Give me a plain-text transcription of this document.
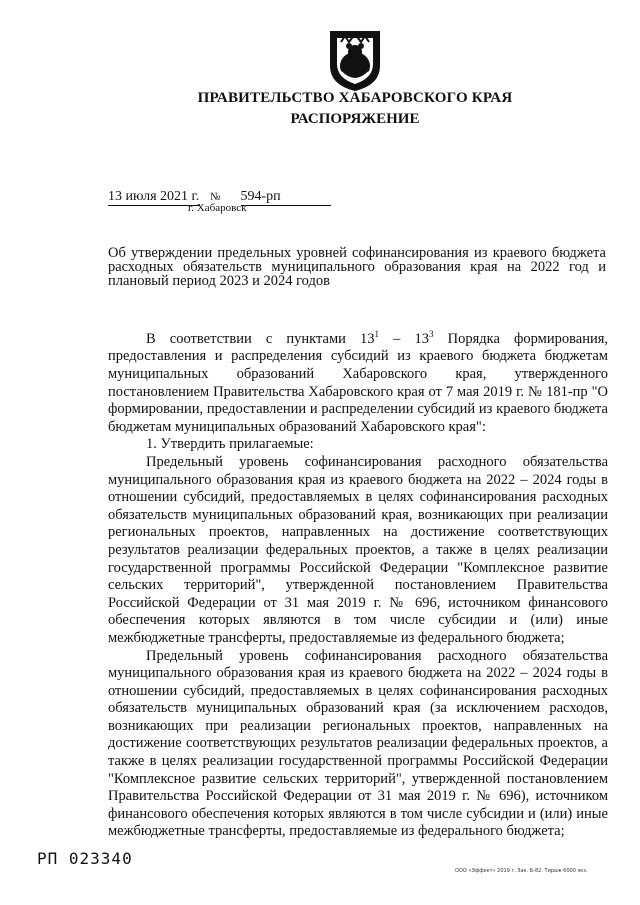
ПРАВИТЕЛЬСТВО ХАБАРОВСКОГО КРАЯ
РАСПОРЯЖЕНИЕ
13 июля 2021 г. № 594-рп
г. Хабаровск
Об утверждении предельных уровней софинансирования из краевого бюджета расходных обязательств муниципального образования края на 2022 год и плановый период 2023 и 2024 годов

В соответствии с пунктами $13^1 - 13^3$ Порядка формирования, предоставления и распределения субсидий из краевого бюджета бюджетам муниципальных образований Хабаровского края, утвержденного постановлением Правительства Хабаровского края от 7 мая 2019 г. № 181-пр "О формировании, предоставлении и распределении субсидий из краевого бюджета бюджетам муниципальных образований Хабаровского края":

1. Утвердить прилагаемые:

Предельный уровень софинансирования расходного обязательства муниципального образования края из краевого бюджета на 2022 – 2024 годы в отношении субсидий, предоставляемых в целях софинансирования расходных обязательств муниципальных образований края, возникающих при реализации региональных проектов, направленных на достижение соответствующих результатов реализации федеральных проектов, а также в целях реализации государственной программы Российской Федерации "Комплексное развитие сельских территорий", утвержденной постановлением Правительства Российской Федерации от 31 мая 2019 г. № 696, источником финансового обеспечения которых являются в том числе субсидии и (или) иные межбюджетные трансферты, предоставляемые из федерального бюджета;

Предельный уровень софинансирования расходного обязательства муниципального образования края из краевого бюджета на 2022 – 2024 годы в отношении субсидий, предоставляемых в целях софинансирования расходных обязательств муниципальных образований края (за исключением расходов, возникающих при реализации региональных проектов, направленных на достижение соответствующих результатов реализации федеральных проектов, а также в целях реализации государственной программы Российской Федерации "Комплексное развитие сельских территорий", утвержденной постановлением Правительства Российской Федерации от 31 мая 2019 г. № 696), источником финансового обеспечения которых являются в том числе субсидии и (или) иные межбюджетные трансферты, предоставляемые из федерального бюджета;

РП 023340
ООО «Эффект» 2019 г. Зак. Б-82. Тираж 6000 экз.
